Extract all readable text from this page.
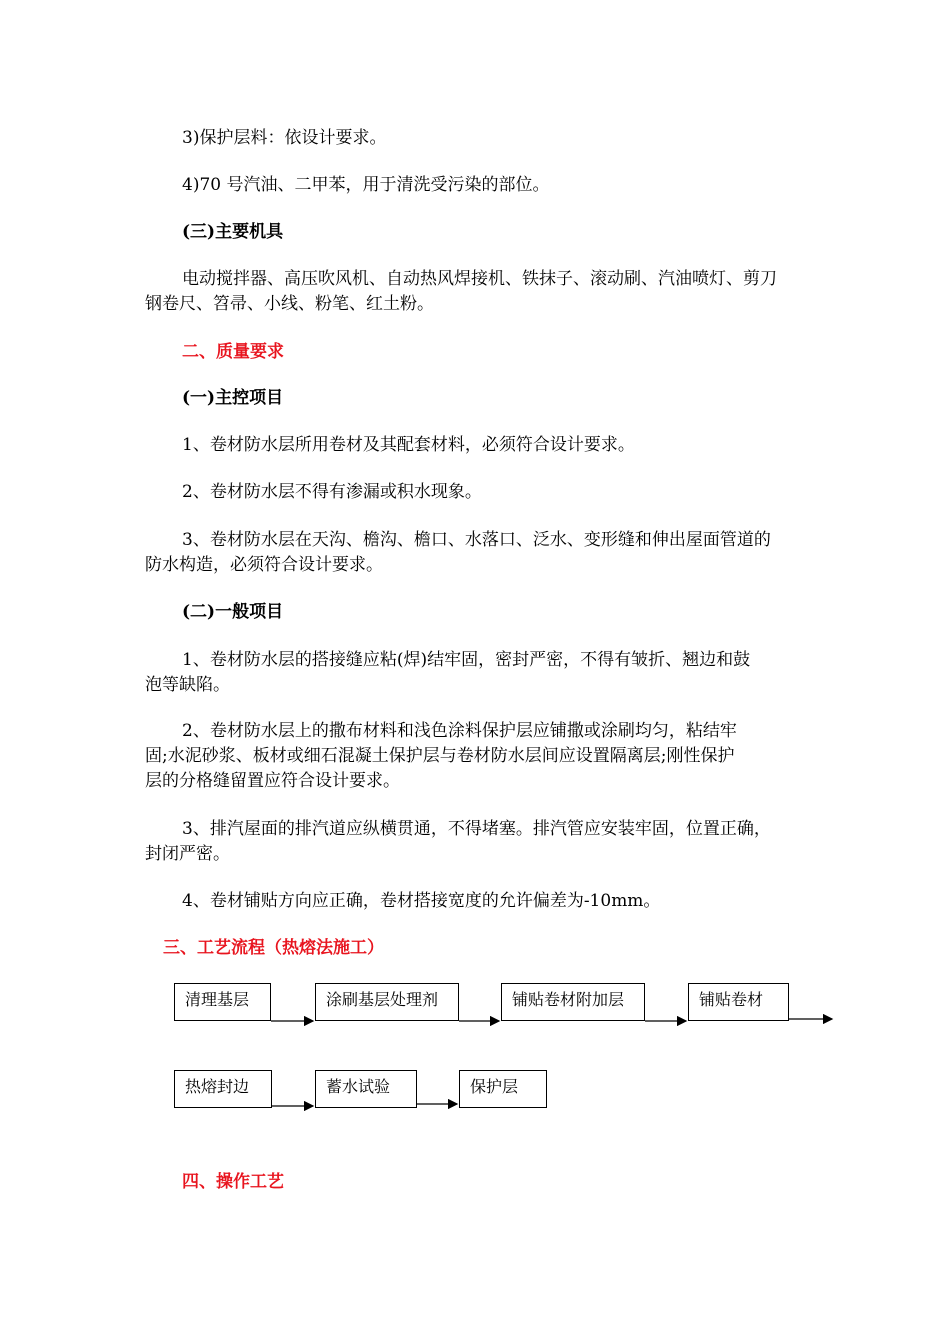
3)保护层料：依设计要求。
4)70 号汽油、二甲苯，用于清洗受污染的部位。
(三)主要机具
电动搅拌器、高压吹风机、自动热风焊接机、铁抹子、滚动刷、汽油喷灯、剪刀
钢卷尺、笤帚、小线、粉笔、红土粉。
二、质量要求
(一)主控项目
1、卷材防水层所用卷材及其配套材料，必须符合设计要求。
2、卷材防水层不得有渗漏或积水现象。
3、卷材防水层在天沟、檐沟、檐口、水落口、泛水、变形缝和伸出屋面管道的
防水构造，必须符合设计要求。
(二)一般项目
1、卷材防水层的搭接缝应粘(焊)结牢固，密封严密，不得有皱折、翘边和鼓
泡等缺陷。
2、卷材防水层上的撒布材料和浅色涂料保护层应铺撒或涂刷均匀，粘结牢
固;水泥砂浆、板材或细石混凝土保护层与卷材防水层间应设置隔离层;刚性保护
层的分格缝留置应符合设计要求。
3、排汽屋面的排汽道应纵横贯通，不得堵塞。排汽管应安装牢固，位置正确，
封闭严密。
4、卷材铺贴方向应正确，卷材搭接宽度的允许偏差为-10mm。
三、工艺流程（热熔法施工）
清理基层	涂刷基层处理剂	铺贴卷材附加层	铺贴卷材
热熔封边	蓄水试验	保护层
四、操作工艺
